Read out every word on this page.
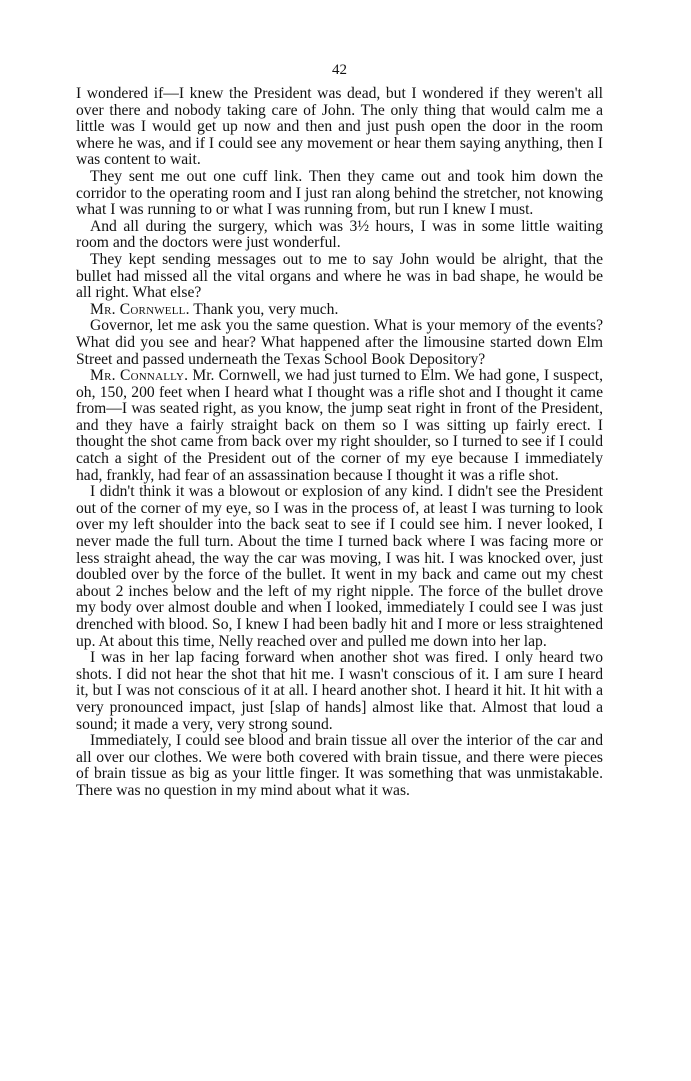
42

I wondered if—I knew the President was dead, but I wondered if they weren't all over there and nobody taking care of John. The only thing that would calm me a little was I would get up now and then and just push open the door in the room where he was, and if I could see any movement or hear them saying anything, then I was content to wait.

They sent me out one cuff link. Then they came out and took him down the corridor to the operating room and I just ran along behind the stretcher, not knowing what I was running to or what I was running from, but run I knew I must.

And all during the surgery, which was 3½ hours, I was in some little waiting room and the doctors were just wonderful.

They kept sending messages out to me to say John would be alright, that the bullet had missed all the vital organs and where he was in bad shape, he would be all right. What else?

Mr. Cornwell. Thank you, very much.

Governor, let me ask you the same question. What is your memory of the events? What did you see and hear? What happened after the limousine started down Elm Street and passed underneath the Texas School Book Depository?

Mr. Connally. Mr. Cornwell, we had just turned to Elm. We had gone, I suspect, oh, 150, 200 feet when I heard what I thought was a rifle shot and I thought it came from—I was seated right, as you know, the jump seat right in front of the President, and they have a fairly straight back on them so I was sitting up fairly erect. I thought the shot came from back over my right shoulder, so I turned to see if I could catch a sight of the President out of the corner of my eye because I immediately had, frankly, had fear of an assassination because I thought it was a rifle shot.

I didn't think it was a blowout or explosion of any kind. I didn't see the President out of the corner of my eye, so I was in the process of, at least I was turning to look over my left shoulder into the back seat to see if I could see him. I never looked, I never made the full turn. About the time I turned back where I was facing more or less straight ahead, the way the car was moving, I was hit. I was knocked over, just doubled over by the force of the bullet. It went in my back and came out my chest about 2 inches below and the left of my right nipple. The force of the bullet drove my body over almost double and when I looked, immediately I could see I was just drenched with blood. So, I knew I had been badly hit and I more or less straightened up. At about this time, Nelly reached over and pulled me down into her lap.

I was in her lap facing forward when another shot was fired. I only heard two shots. I did not hear the shot that hit me. I wasn't conscious of it. I am sure I heard it, but I was not conscious of it at all. I heard another shot. I heard it hit. It hit with a very pronounced impact, just [slap of hands] almost like that. Almost that loud a sound; it made a very, very strong sound.

Immediately, I could see blood and brain tissue all over the interior of the car and all over our clothes. We were both covered with brain tissue, and there were pieces of brain tissue as big as your little finger. It was something that was unmistakable. There was no question in my mind about what it was.
